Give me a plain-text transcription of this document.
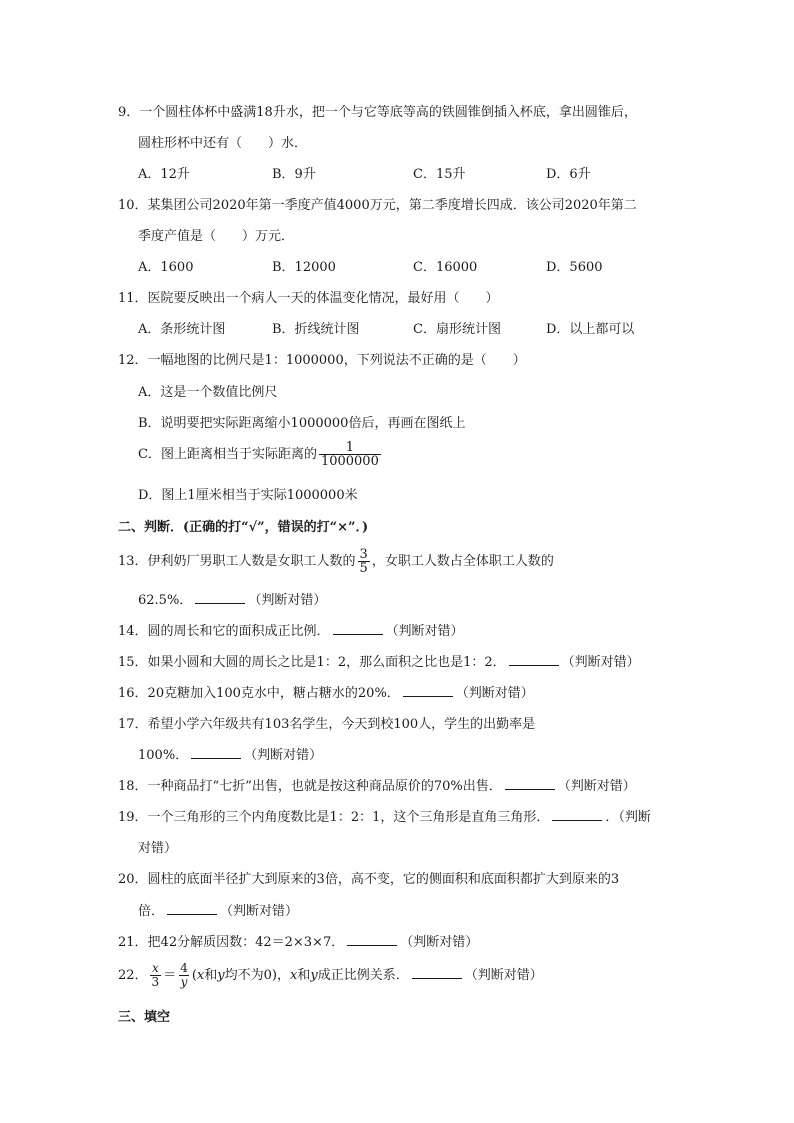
9．一个圆柱体杯中盛满18升水，把一个与它等底等高的铁圆锥倒插入杯底，拿出圆锥后，
圆柱形杯中还有（　　）水．
A．12升	B．9升	C．15升	D．6升
10．某集团公司2020年第一季度产值4000万元，第二季度增长四成．该公司2020年第二
季度产值是（　　）万元．
A．1600	B．12000	C．16000	D．5600
11．医院要反映出一个病人一天的体温变化情况，最好用（　　）
A．条形统计图	B．折线统计图	C．扇形统计图	D．以上都可以
12．一幅地图的比例尺是1：1000000，下列说法不正确的是（　　）
A．这是一个数值比例尺
B．说明要把实际距离缩小1000000倍后，再画在图纸上
C．图上距离相当于实际距离的 $\frac{1}{1000000}$
D．图上1厘米相当于实际1000000米
二、判断．(正确的打“√”，错误的打“×”．)
13．伊利奶厂男职工人数是女职工人数的 $\frac{3}{5}$ ，女职工人数占全体职工人数的
62.5%．	（判断对错）
14．圆的周长和它的面积成正比例．	（判断对错）
15．如果小圆和大圆的周长之比是1：2，那么面积之比也是1：2．	（判断对错）
16．20克糖加入100克水中，糖占糖水的20%．	（判断对错）
17．希望小学六年级共有103名学生，今天到校100人，学生的出勤率是
100%．	（判断对错）
18．一种商品打“七折”出售，也就是按这种商品原价的70%出售．	（判断对错）
19．一个三角形的三个内角度数比是1：2：1，这个三角形是直角三角形．	．（判断
对错）
20．圆柱的底面半径扩大到原来的3倍，高不变，它的侧面积和底面积都扩大到原来的3
倍．	（判断对错）
21．把42分解质因数：42＝2×3×7．	（判断对错）
22． $\frac{x}{3} = \frac{4}{y} (x$和y均不为0)，x和y成正比例关系．	（判断对错）
三、填空
